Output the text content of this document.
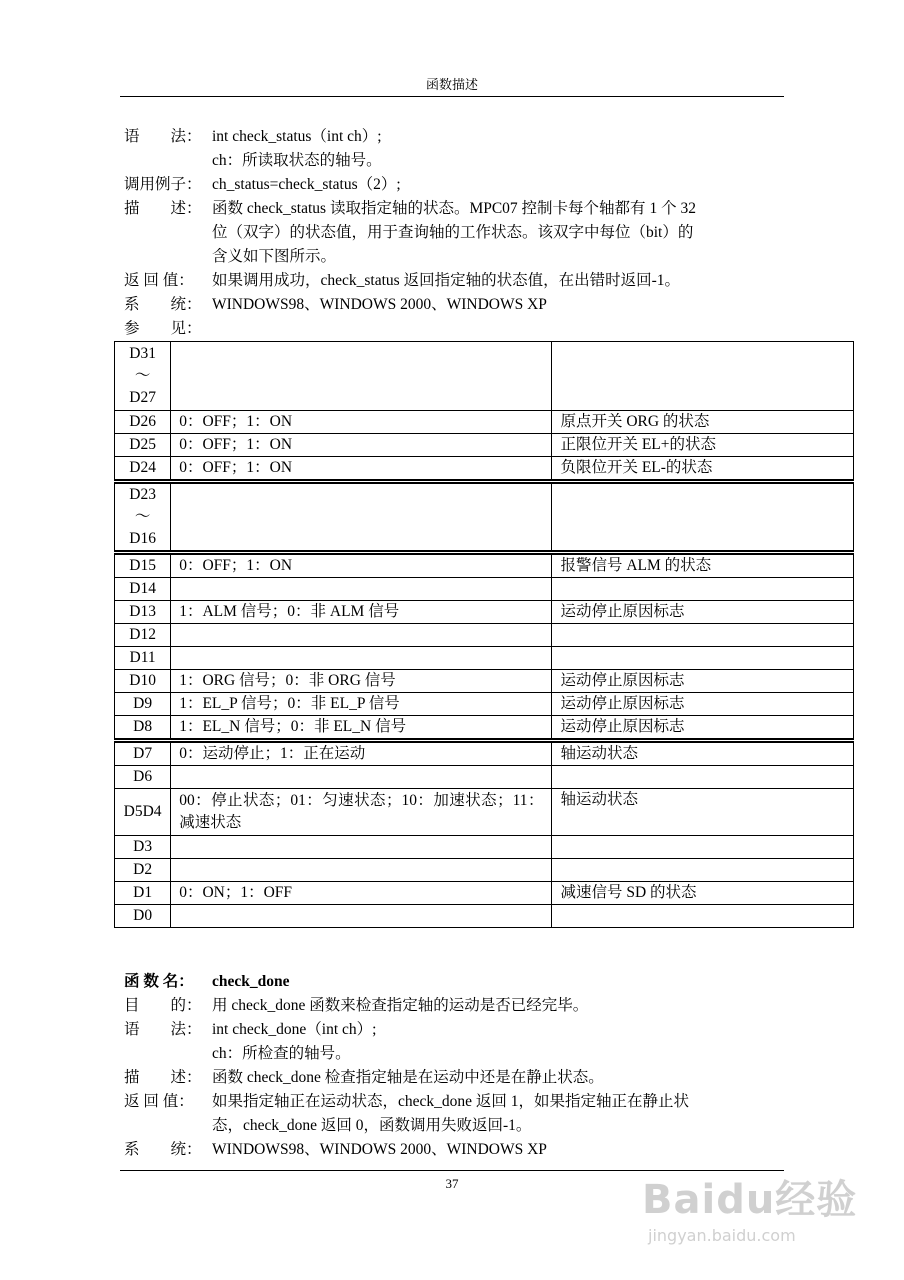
函数描述
语　　法： int check_status（int ch）;
ch：所读取状态的轴号。
调用例子： ch_status=check_status（2）;
描　　述： 函数 check_status 读取指定轴的状态。MPC07 控制卡每个轴都有 1 个 32
位（双字）的状态值，用于查询轴的工作状态。该双字中每位（bit）的
含义如下图所示。
返 回 值：	如果调用成功，check_status 返回指定轴的状态值，在出错时返回-1。
系　　统： WINDOWS98、WINDOWS 2000、WINDOWS XP
参　　见：
D31
～
D27		

D26	0：OFF；1：ON	原点开关 ORG 的状态
D25	0：OFF；1：ON	正限位开关 EL+的状态
D24	0：OFF；1：ON	负限位开关 EL-的状态

D23
～
D16		

D15	0：OFF；1：ON	报警信号 ALM 的状态
D14		
D13	1：ALM 信号；0：非 ALM 信号	运动停止原因标志
D12		
D11		
D10	1：ORG 信号；0：非 ORG 信号	运动停止原因标志
D9	1：EL_P 信号；0：非 EL_P 信号	运动停止原因标志
D8	1：EL_N 信号；0：非 EL_N 信号	运动停止原因标志
D7	0：运动停止；1：正在运动	轴运动状态
D6		
D5D4	00：停止状态；01：匀速状态；10：加速状态；11：减速状态	轴运动状态
D3		
D2		
D1	0：ON；1：OFF	减速信号 SD 的状态
D0		
函 数 名：	check_done
目　　的： 用 check_done 函数来检查指定轴的运动是否已经完毕。
语　　法： int check_done（int ch）;
ch：所检查的轴号。
描　　述： 函数 check_done 检查指定轴是在运动中还是在静止状态。
返 回 值：	如果指定轴正在运动状态，check_done 返回 1，如果指定轴正在静止状
态，check_done 返回 0，函数调用失败返回-1。
系　　统： WINDOWS98、WINDOWS 2000、WINDOWS XP
37	Baidu经验
jingyan.baidu.com
